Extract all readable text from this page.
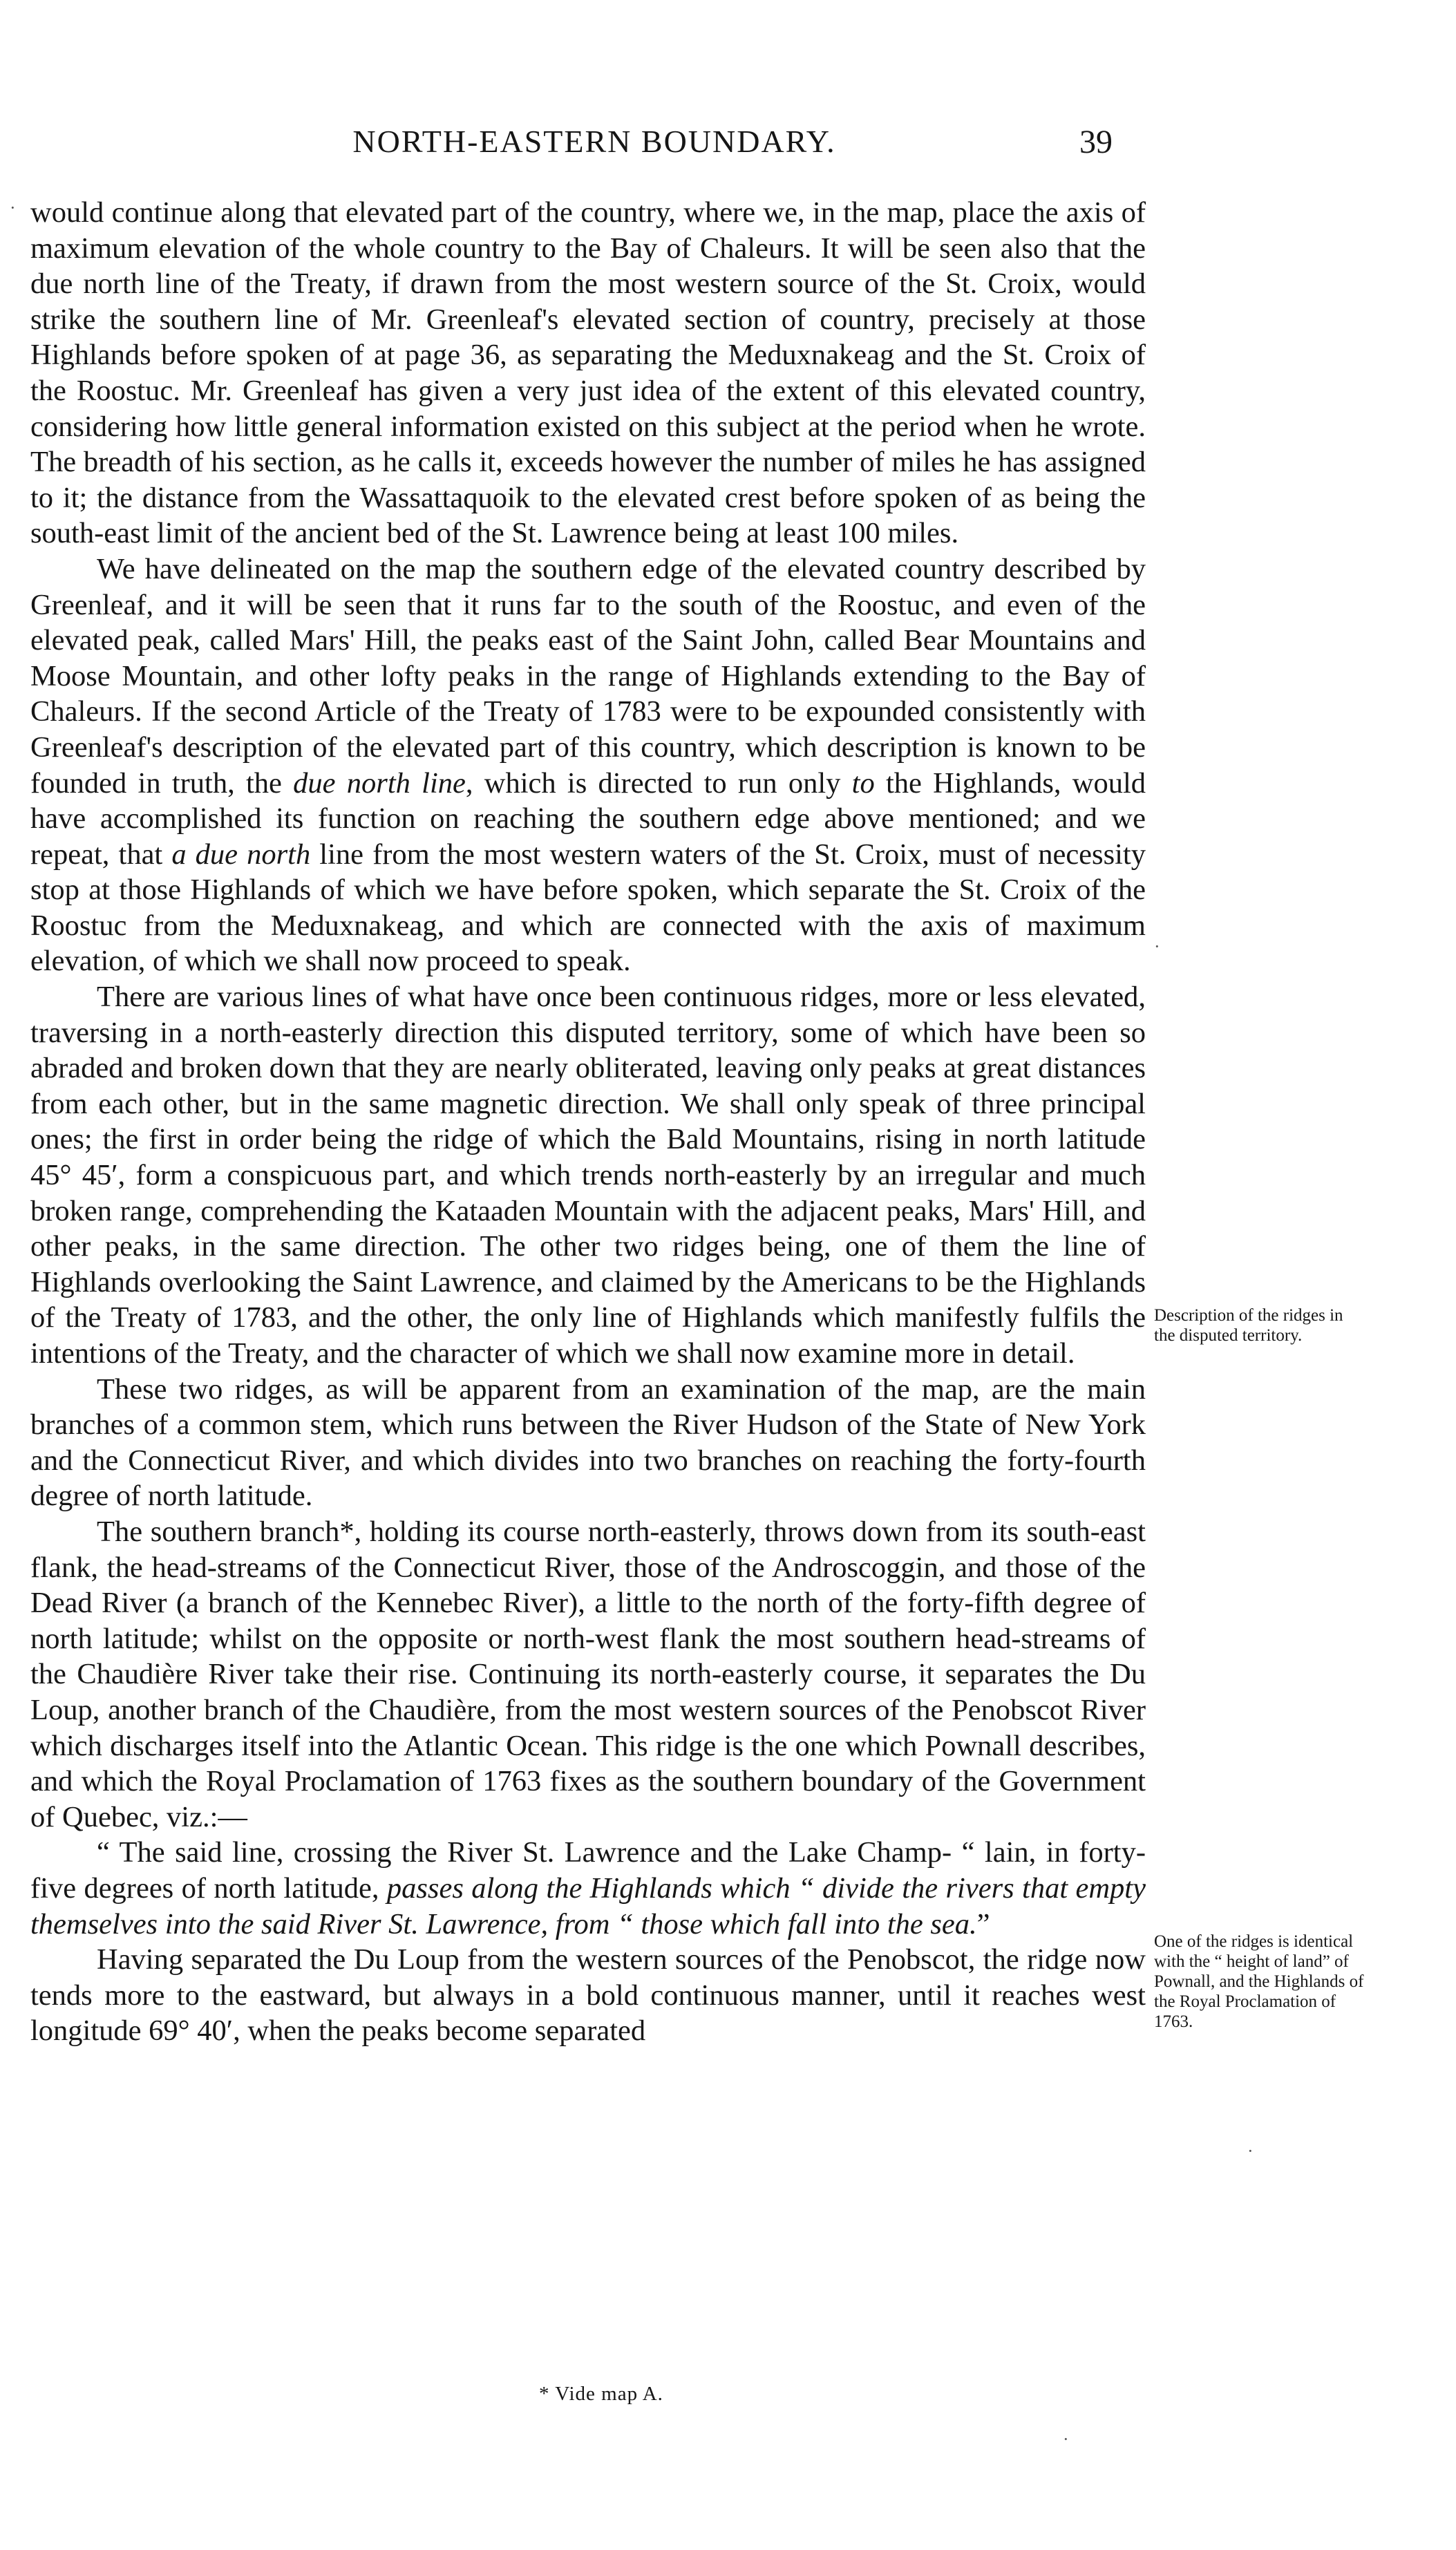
NORTH-EASTERN BOUNDARY.	39

would continue along that elevated part of the country, where we, in the map, place the axis of maximum elevation of the whole country to the Bay of Chaleurs. It will be seen also that the due north line of the Treaty, if drawn from the most western source of the St. Croix, would strike the southern line of Mr. Greenleaf's elevated section of country, precisely at those Highlands before spoken of at page 36, as separating the Meduxnakeag and the St. Croix of the Roostuc. Mr. Greenleaf has given a very just idea of the extent of this elevated country, considering how little general information existed on this subject at the period when he wrote. The breadth of his section, as he calls it, exceeds however the number of miles he has assigned to it; the distance from the Wassattaquoik to the elevated crest before spoken of as being the south-east limit of the ancient bed of the St. Lawrence being at least 100 miles.

We have delineated on the map the southern edge of the elevated country described by Greenleaf, and it will be seen that it runs far to the south of the Roostuc, and even of the elevated peak, called Mars' Hill, the peaks east of the Saint John, called Bear Mountains and Moose Mountain, and other lofty peaks in the range of Highlands extending to the Bay of Chaleurs. If the second Article of the Treaty of 1783 were to be expounded consistently with Greenleaf's description of the elevated part of this country, which description is known to be founded in truth, the due north line, which is directed to run only to the Highlands, would have accomplished its function on reaching the southern edge above mentioned; and we repeat, that a due north line from the most western waters of the St. Croix, must of necessity stop at those Highlands of which we have before spoken, which separate the St. Croix of the Roostuc from the Meduxnakeag, and which are connected with the axis of maximum elevation, of which we shall now proceed to speak.

There are various lines of what have once been continuous ridges, more or less elevated, traversing in a north-easterly direction this disputed territory, some of which have been so abraded and broken down that they are nearly obliterated, leaving only peaks at great distances from each other, but in the same magnetic direction. We shall only speak of three principal ones; the first in order being the ridge of which the Bald Mountains, rising in north latitude 45° 45′, form a conspicuous part, and which trends north-easterly by an irregular and much broken range, comprehending the Kataaden Mountain with the adjacent peaks, Mars' Hill, and other peaks, in the same direction. The other two ridges being, one of them the line of Highlands overlooking the Saint Lawrence, and claimed by the Americans to be the Highlands of the Treaty of 1783, and the other, the only line of Highlands which manifestly fulfils the intentions of the Treaty, and the character of which we shall now examine more in detail.

These two ridges, as will be apparent from an examination of the map, are the main branches of a common stem, which runs between the River Hudson of the State of New York and the Connecticut River, and which divides into two branches on reaching the forty-fourth degree of north latitude.

The southern branch*, holding its course north-easterly, throws down from its south-east flank, the head-streams of the Connecticut River, those of the Androscoggin, and those of the Dead River (a branch of the Kennebec River), a little to the north of the forty-fifth degree of north latitude; whilst on the opposite or north-west flank the most southern head-streams of the Chaudière River take their rise. Continuing its north-easterly course, it separates the Du Loup, another branch of the Chaudière, from the most western sources of the Penobscot River which discharges itself into the Atlantic Ocean. This ridge is the one which Pownall describes, and which the Royal Proclamation of 1763 fixes as the southern boundary of the Government of Quebec, viz.:—

“ The said line, crossing the River St. Lawrence and the Lake Champ- “ lain, in forty-five degrees of north latitude, passes along the Highlands which “ divide the rivers that empty themselves into the said River St. Lawrence, from “ those which fall into the sea.”

Having separated the Du Loup from the western sources of the Penobscot, the ridge now tends more to the eastward, but always in a bold continuous manner, until it reaches west longitude 69° 40′, when the peaks become separated

Description of the ridges in the disputed territory.
One of the ridges is identical with the “ height of land” of Pownall, and the Highlands of the Royal Proclamation of 1763.
* Vide map A.
·
·
·
·
